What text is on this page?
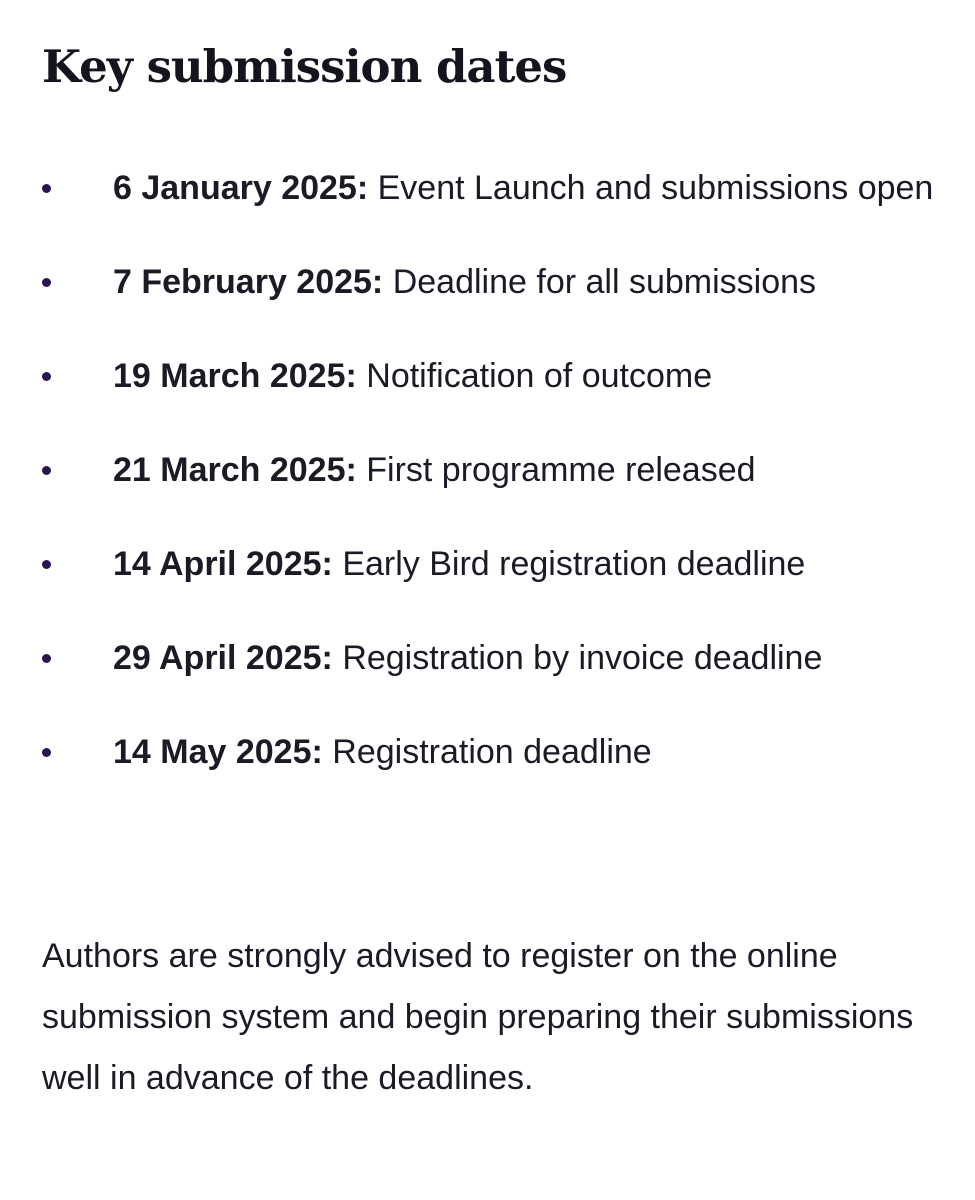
Key submission dates
6 January 2025: Event Launch and submissions open
7 February 2025: Deadline for all submissions
19 March 2025: Notification of outcome
21 March 2025: First programme released
14 April 2025: Early Bird registration deadline
29 April 2025: Registration by invoice deadline
14 May 2025: Registration deadline

Authors are strongly advised to register on the online submission system and begin preparing their submissions well in advance of the deadlines.
